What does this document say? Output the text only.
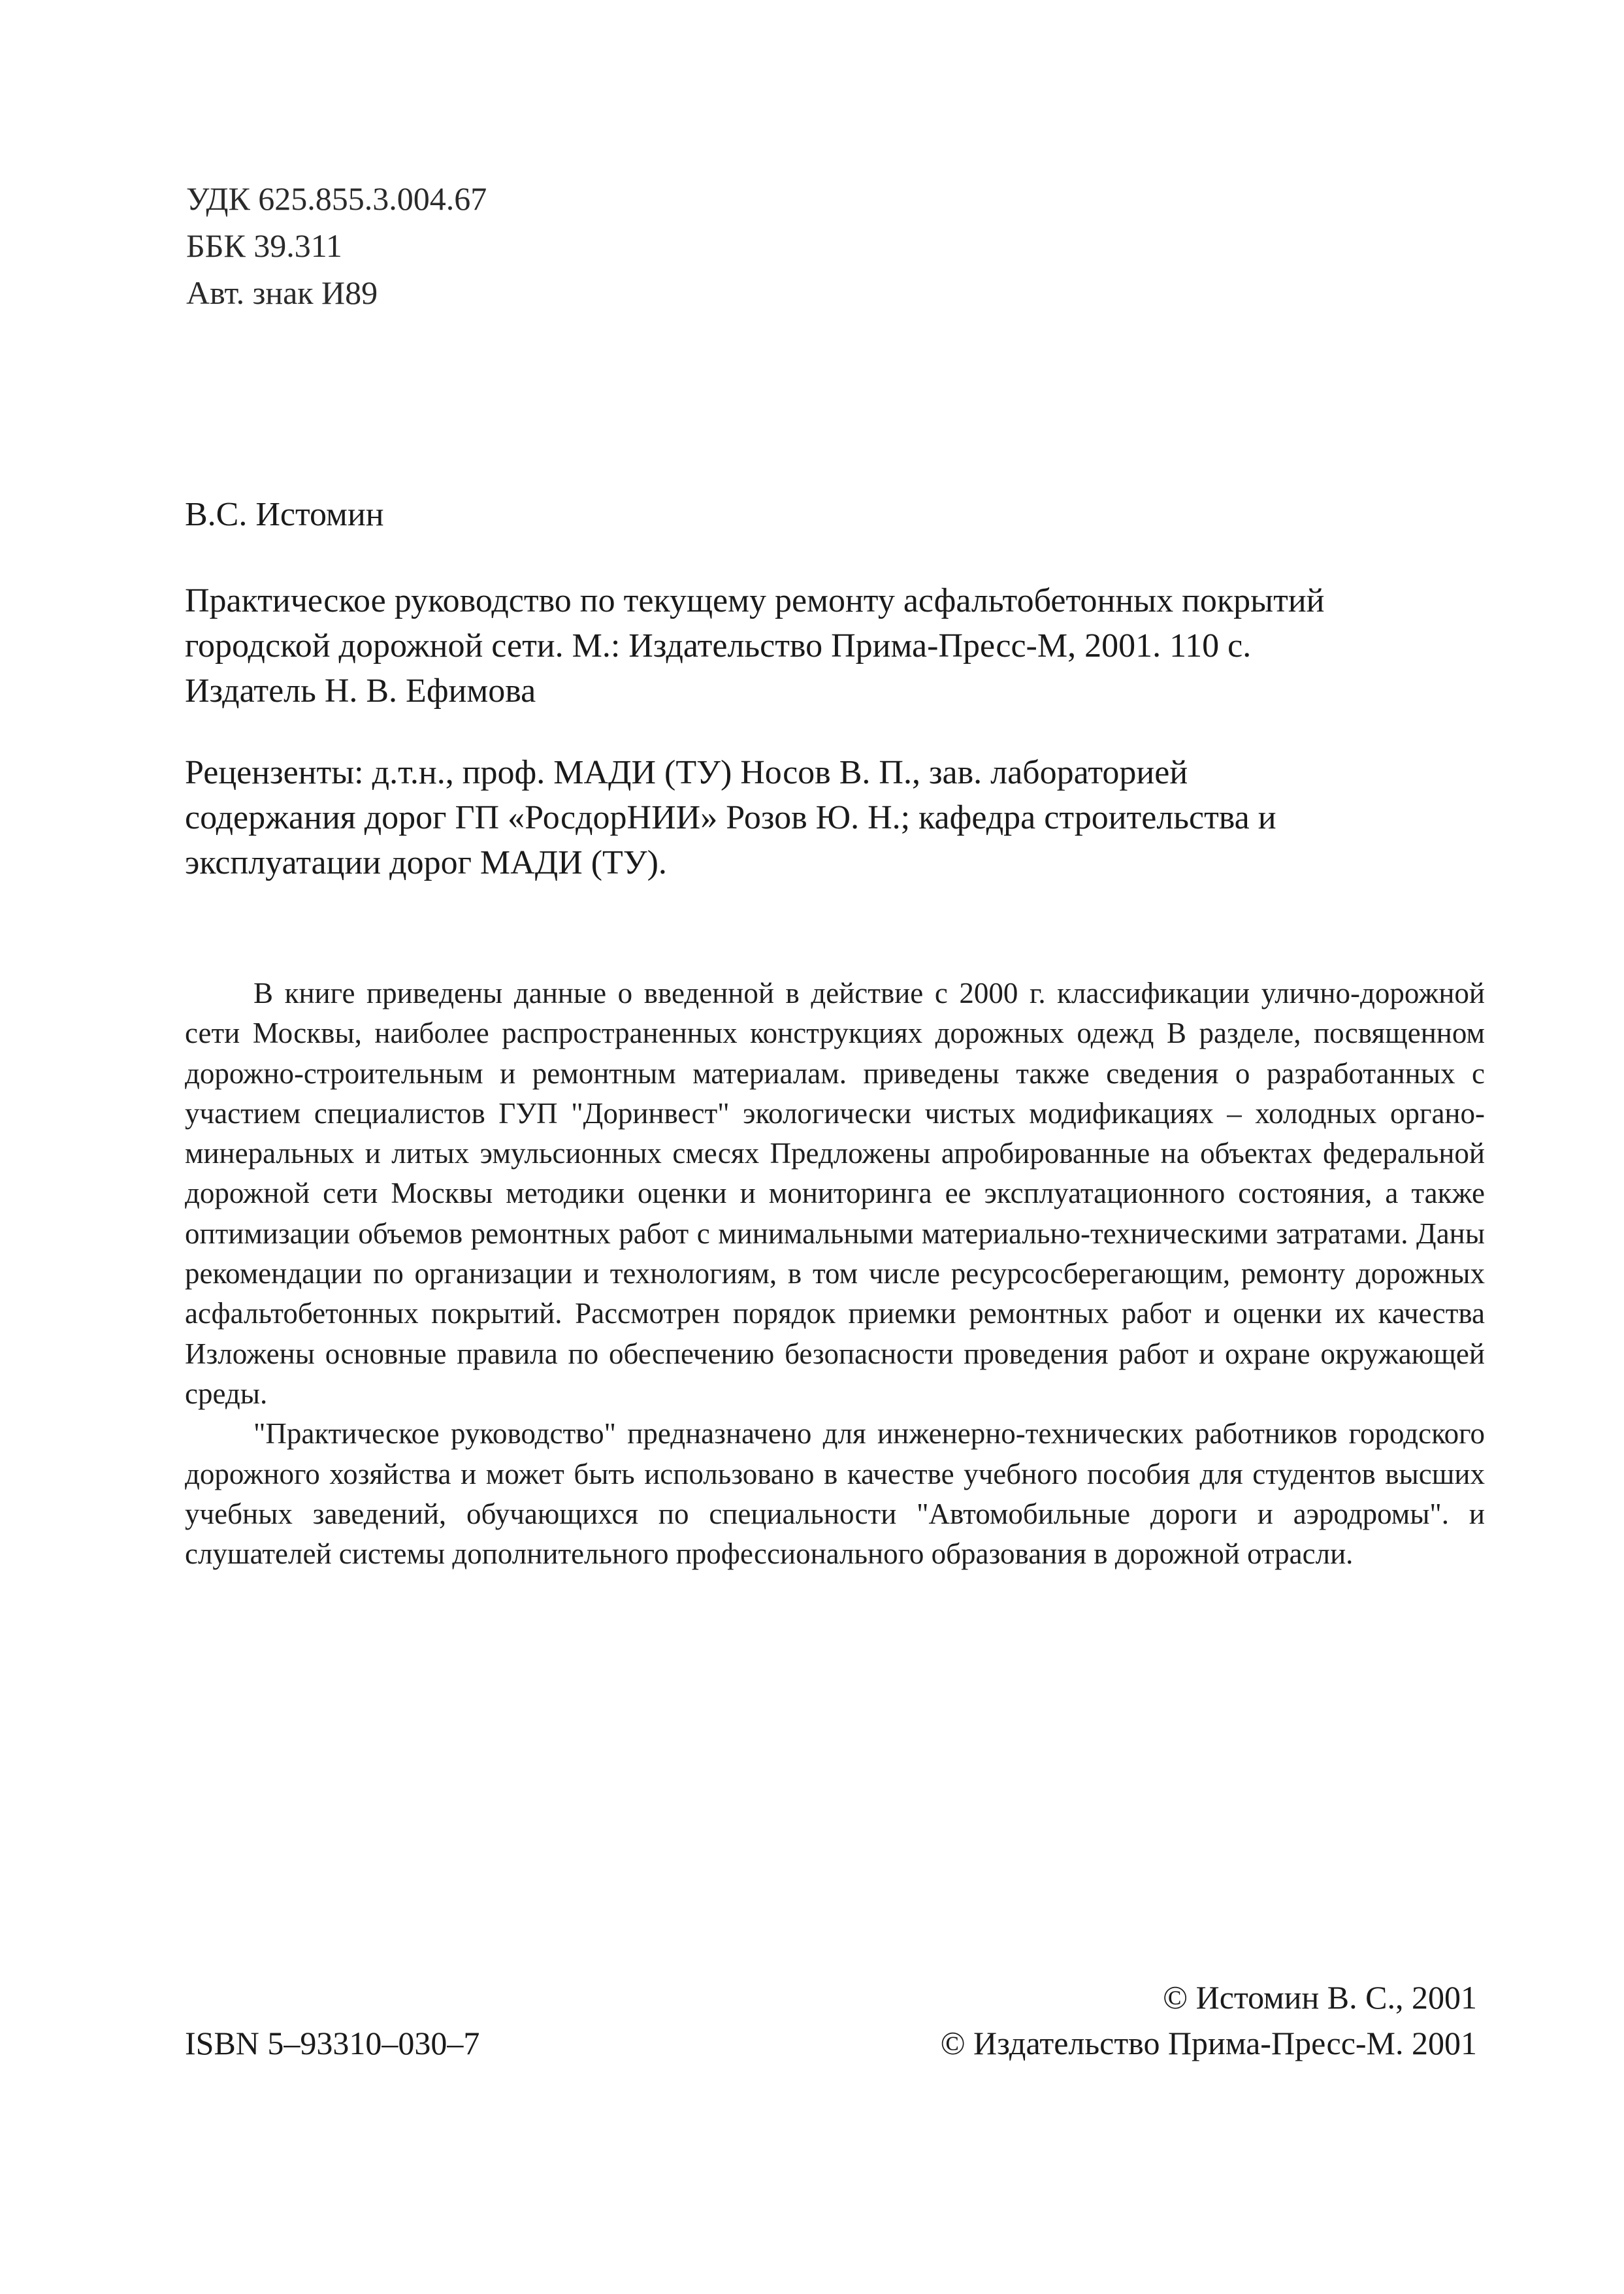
УДК 625.855.3.004.67
ББК 39.311
Авт. знак И89
В.С. Истомин
Практическое руководство по текущему ремонту асфальтобетонных покрытий
городской дорожной сети. М.: Издательство Прима-Пресс-М, 2001. 110 с.
Издатель Н. В. Ефимова
Рецензенты: д.т.н., проф. МАДИ (ТУ) Носов В. П., зав. лабораторией
содержания дорог ГП «РосдорНИИ» Розов Ю. Н.; кафедра строительства и
эксплуатации дорог МАДИ (ТУ).

В книге приведены данные о введенной в действие с 2000 г. классификации улично-дорожной сети Москвы, наиболее распространенных конструкциях дорожных одежд В разделе, посвященном дорожно-строительным и ремонтным материалам. приведены также сведения о разработанных с участием специалистов ГУП "Доринвест" экологически чистых модификациях – холодных органо-минеральных и литых эмульсионных смесях Предложены апробированные на объектах федеральной дорожной сети Москвы методики оценки и мониторинга ее эксплуатационного состояния, а также оптимизации объемов ремонтных работ с минимальными материально-техническими затратами. Даны рекомендации по организации и технологиям, в том числе ресурсосберегающим, ремонту дорожных асфальтобетонных покрытий. Рассмотрен порядок приемки ремонтных работ и оценки их качества Изложены основные правила по обеспечению безопасности проведения работ и охране окружающей среды.

"Практическое руководство" предназначено для инженерно-технических работников городского дорожного хозяйства и может быть использовано в качестве учебного пособия для студентов высших учебных заведений, обучающихся по специальности "Автомобильные дороги и аэродромы". и слушателей системы дополнительного профессионального образования в дорожной отрасли.

ISBN 5–93310–030–7
© Истомин В. С., 2001
© Издательство Прима-Пресс-М. 2001
